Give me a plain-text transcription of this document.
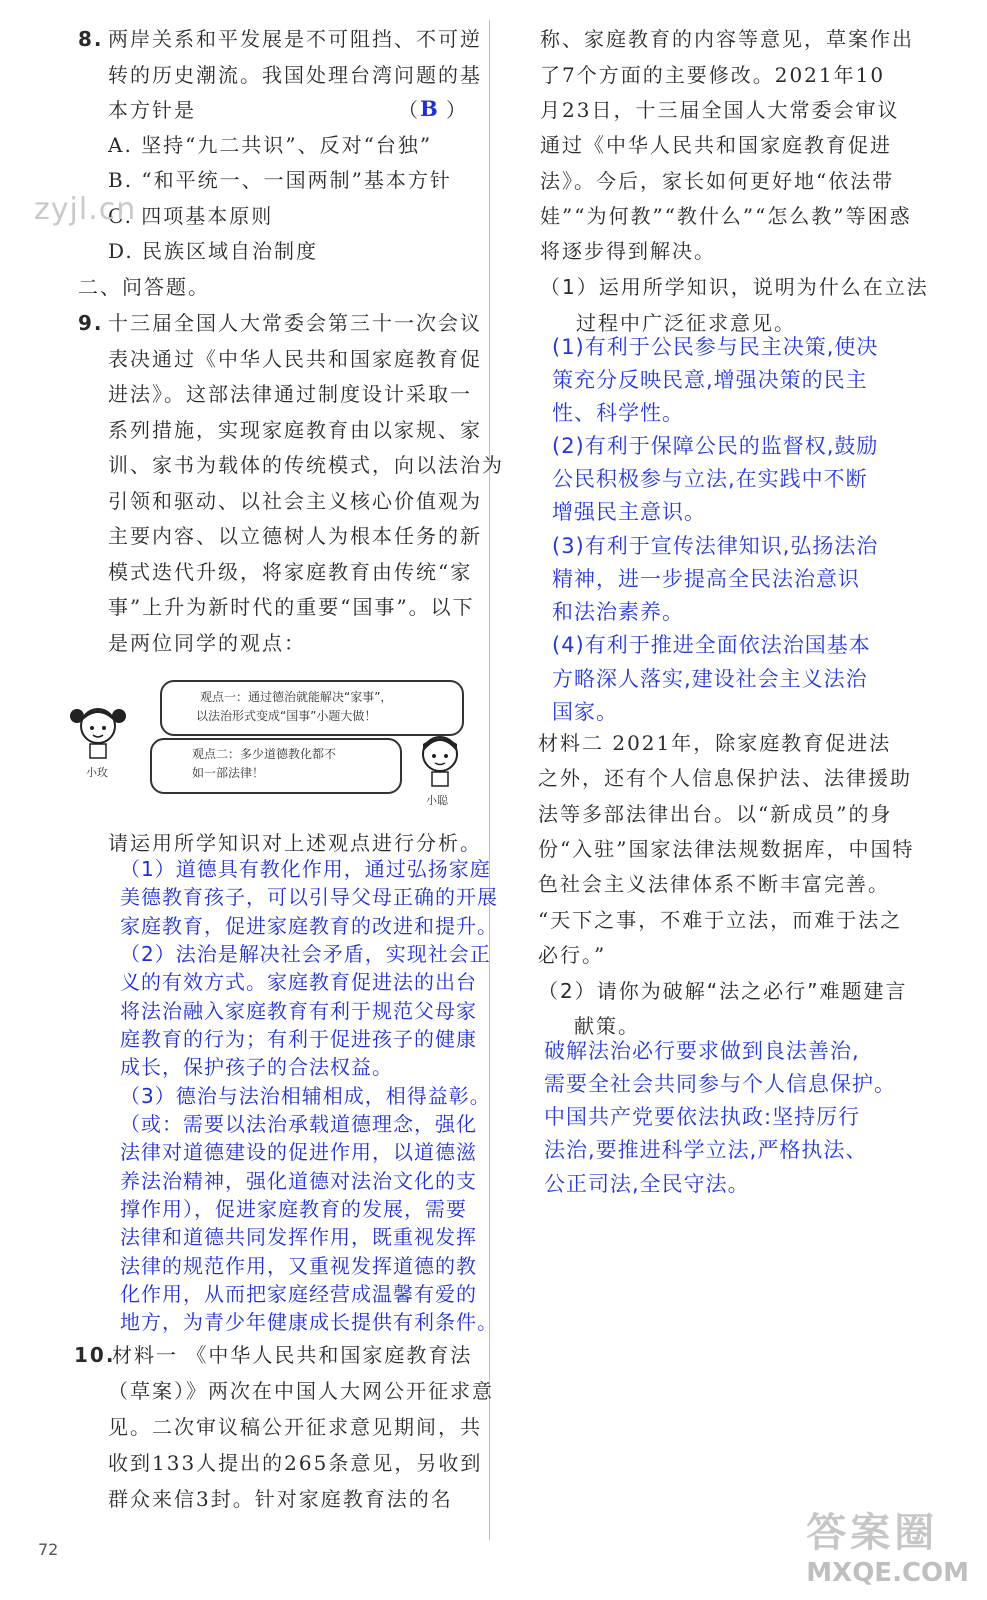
8. 两岸关系和平发展是不可阻挡、不可逆
转的历史潮流。我国处理台湾问题的基
本方针是	（ B ）
A. 坚持“九二共识”、反对“台独”
B. “和平统一、一国两制”基本方针
C. 四项基本原则
D. 民族区域自治制度
二、问答题。
9. 十三届全国人大常委会第三十一次会议
表决通过《中华人民共和国家庭教育促
进法》。这部法律通过制度设计采取一
系列措施，实现家庭教育由以家规、家
训、家书为载体的传统模式，向以法治为
引领和驱动、以社会主义核心价值观为
主要内容、以立德树人为根本任务的新
模式迭代升级，将家庭教育由传统“家
事”上升为新时代的重要“国事”。以下
是两位同学的观点：
小玫
观点一：通过德治就能解决“家事”，
以法治形式变成“国事”小题大做！
观点二：多少道德教化都不
如一部法律！
小聪
请运用所学知识对上述观点进行分析。
（1）道德具有教化作用，通过弘扬家庭
美德教育孩子，可以引导父母正确的开展
家庭教育，促进家庭教育的改进和提升。
（2）法治是解决社会矛盾，实现社会正
义的有效方式。家庭教育促进法的出台
将法治融入家庭教育有利于规范父母家
庭教育的行为；有利于促进孩子的健康
成长，保护孩子的合法权益。
（3）德治与法治相辅相成，相得益彰。
（或：需要以法治承载道德理念，强化
法律对道德建设的促进作用，以道德滋
养法治精神，强化道德对法治文化的支
撑作用），促进家庭教育的发展，需要
法律和道德共同发挥作用，既重视发挥
法律的规范作用，又重视发挥道德的教
化作用，从而把家庭经营成温馨有爱的
地方，为青少年健康成长提供有利条件。
10.
材料一 《中华人民共和国家庭教育法
（草案）》两次在中国人大网公开征求意
见。二次审议稿公开征求意见期间，共
收到133人提出的265条意见，另收到
群众来信3封。针对家庭教育法的名
zyjl.cn
72
称、家庭教育的内容等意见，草案作出
了7个方面的主要修改。2021年10
月23日，十三届全国人大常委会审议
通过《中华人民共和国家庭教育促进
法》。今后，家长如何更好地“依法带
娃”“为何教”“教什么”“怎么教”等困惑
将逐步得到解决。
（1）运用所学知识，说明为什么在立法
过程中广泛征求意见。
(1)有利于公民参与民主决策,使决
策充分反映民意,增强决策的民主
性、科学性。
(2)有利于保障公民的监督权,鼓励
公民积极参与立法,在实践中不断
增强民主意识。
(3)有利于宣传法律知识,弘扬法治
精神，进一步提高全民法治意识
和法治素养。
(4)有利于推进全面依法治国基本
方略深人落实,建设社会主义法治
国家。
材料二 2021年，除家庭教育促进法
之外，还有个人信息保护法、法律援助
法等多部法律出台。以“新成员”的身
份“入驻”国家法律法规数据库，中国特
色社会主义法律体系不断丰富完善。
“天下之事，不难于立法，而难于法之
必行。”
（2）请你为破解“法之必行”难题建言
献策。
破解法治必行要求做到良法善治,
需要全社会共同参与个人信息保护。
中国共产党要依法执政:坚持厉行
法治,要推进科学立法,严格执法、
公正司法,全民守法。
答案圈
MXQE.COM
